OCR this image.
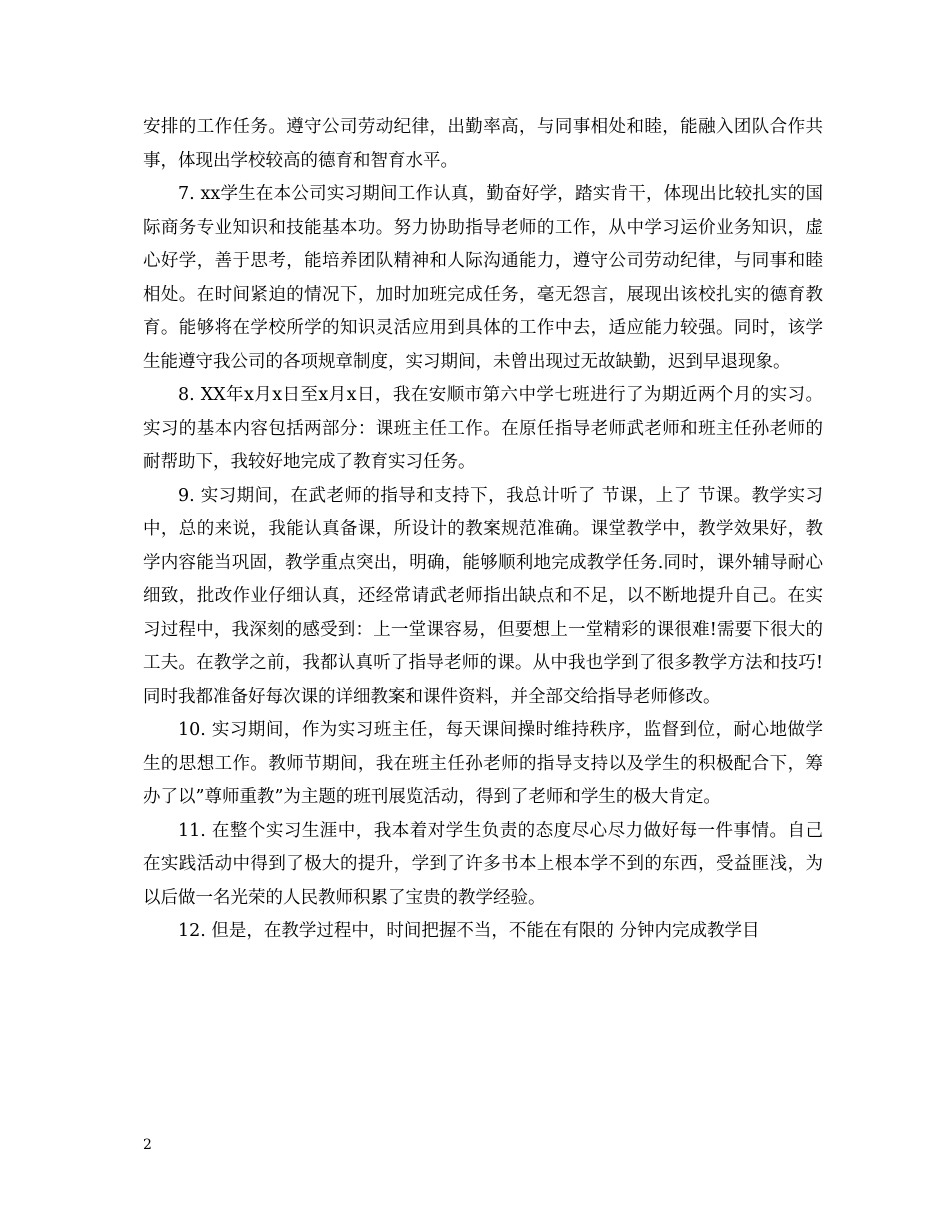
安排的工作任务。遵守公司劳动纪律，出勤率高，与同事相处和睦，能融入团队合作共事，体现出学校较高的德育和智育水平。

7. xx学生在本公司实习期间工作认真，勤奋好学，踏实肯干，体现出比较扎实的国际商务专业知识和技能基本功。努力协助指导老师的工作，从中学习运价业务知识，虚心好学，善于思考，能培养团队精神和人际沟通能力，遵守公司劳动纪律，与同事和睦相处。在时间紧迫的情况下，加时加班完成任务，毫无怨言，展现出该校扎实的德育教育。能够将在学校所学的知识灵活应用到具体的工作中去，适应能力较强。同时，该学生能遵守我公司的各项规章制度，实习期间，未曾出现过无故缺勤，迟到早退现象。

8. XX年x月x日至x月x日，我在安顺市第六中学七班进行了为期近两个月的实习。实习的基本内容包括两部分：课班主任工作。在原任指导老师武老师和班主任孙老师的耐帮助下，我较好地完成了教育实习任务。

9. 实习期间，在武老师的指导和支持下，我总计听了 节课，上了 节课。教学实习中，总的来说，我能认真备课，所设计的教案规范准确。课堂教学中，教学效果好，教学内容能当巩固，教学重点突出，明确，能够顺利地完成教学任务.同时，课外辅导耐心细致，批改作业仔细认真，还经常请武老师指出缺点和不足，以不断地提升自己。在实习过程中，我深刻的感受到：上一堂课容易，但要想上一堂精彩的课很难!需要下很大的工夫。在教学之前，我都认真听了指导老师的课。从中我也学到了很多教学方法和技巧!同时我都准备好每次课的详细教案和课件资料，并全部交给指导老师修改。

10. 实习期间，作为实习班主任，每天课间操时维持秩序，监督到位，耐心地做学生的思想工作。教师节期间，我在班主任孙老师的指导支持以及学生的积极配合下，筹办了以”尊师重教”为主题的班刊展览活动，得到了老师和学生的极大肯定。

11. 在整个实习生涯中，我本着对学生负责的态度尽心尽力做好每一件事情。自己在实践活动中得到了极大的提升，学到了许多书本上根本学不到的东西，受益匪浅，为以后做一名光荣的人民教师积累了宝贵的教学经验。

12. 但是，在教学过程中，时间把握不当，不能在有限的 分钟内完成教学目

2
